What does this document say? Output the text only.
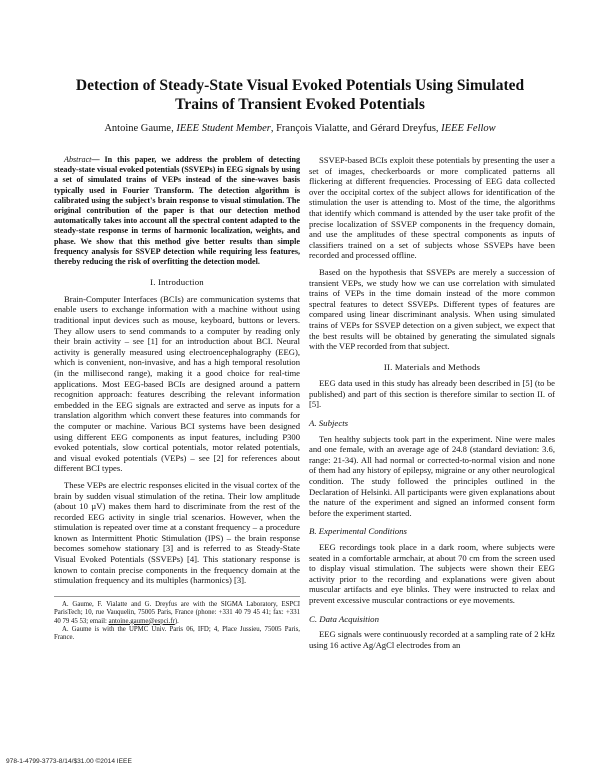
Detection of Steady-State Visual Evoked Potentials Using Simulated Trains of Transient Evoked Potentials
Antoine Gaume, IEEE Student Member, François Vialatte, and Gérard Dreyfus, IEEE Fellow
Abstract— In this paper, we address the problem of detecting steady-state visual evoked potentials (SSVEPs) in EEG signals by using a set of simulated trains of VEPs instead of the sine-waves basis typically used in Fourier Transform. The detection algorithm is calibrated using the subject's brain response to visual stimulation. The original contribution of the paper is that our detection method automatically takes into account all the spectral content adapted to the steady-state response in terms of harmonic localization, weights, and phase. We show that this method give better results than simple frequency analysis for SSVEP detection while requiring less features, thereby reducing the risk of overfitting the detection model.
I. Introduction

Brain-Computer Interfaces (BCIs) are communication systems that enable users to exchange information with a machine without using traditional input devices such as mouse, keyboard, buttons or levers. They allow users to send commands to a computer by reading only their brain activity – see [1] for an introduction about BCI. Neural activity is generally measured using electroencephalography (EEG), which is convenient, non-invasive, and has a high temporal resolution (in the millisecond range), making it a good choice for real-time applications. Most EEG-based BCIs are designed around a pattern recognition approach: features describing the relevant information embedded in the EEG signals are extracted and serve as inputs for a translation algorithm which convert these features into commands for the computer or machine. Various BCI systems have been designed using different EEG components as input features, including P300 evoked potentials, slow cortical potentials, motor related potentials, and visual evoked potentials (VEPs) – see [2] for references about different BCI types.

These VEPs are electric responses elicited in the visual cortex of the brain by sudden visual stimulation of the retina. Their low amplitude (about 10 µV) makes them hard to discriminate from the rest of the recorded EEG activity in single trial scenarios. However, when the stimulation is repeated over time at a constant frequency – a procedure known as Intermittent Photic Stimulation (IPS) – the brain response becomes somehow stationary [3] and is referred to as Steady-State Visual Evoked Potentials (SSVEPs) [4]. This stationary response is known to contain precise components in the frequency domain at the stimulation frequency and its multiples (harmonics) [3].

A. Gaume, F. Vialatte and G. Dreyfus are with the SIGMA Laboratory, ESPCI ParisTech; 10, rue Vauquelin, 75005 Paris, France (phone: +331 40 79 45 41; fax: +331 40 79 45 53; email: antoine.gaume@espci.fr).
A. Gaume is with the UPMC Univ. Paris 06, IFD; 4, Place Jussieu, 75005 Paris, France.

SSVEP-based BCIs exploit these potentials by presenting the user a set of images, checkerboards or more complicated patterns all flickering at different frequencies. Processing of EEG data collected over the occipital cortex of the subject allows for identification of the stimulation the user is attending to. Most of the time, the algorithms that identify which command is attended by the user take profit of the precise localization of SSVEP components in the frequency domain, and use the amplitudes of these spectral components as inputs of classifiers trained on a set of subjects whose SSVEPs have been recorded and processed offline.

Based on the hypothesis that SSVEPs are merely a succession of transient VEPs, we study how we can use correlation with simulated trains of VEPs in the time domain instead of the more common spectral features to detect SSVEPs. Different types of features are compared using linear discriminant analysis. When using simulated trains of VEPs for SSVEP detection on a given subject, we expect that the best results will be obtained by generating the simulated signals with the VEP recorded from that subject.

II. Materials and Methods

EEG data used in this study has already been described in [5] (to be published) and part of this section is therefore similar to section II. of [5].

A. Subjects

Ten healthy subjects took part in the experiment. Nine were males and one female, with an average age of 24.8 (standard deviation: 3.6, range: 21-34). All had normal or corrected-to-normal vision and none of them had any history of epilepsy, migraine or any other neurological condition. The study followed the principles outlined in the Declaration of Helsinki. All participants were given explanations about the nature of the experiment and signed an informed consent form before the experiment started.

B. Experimental Conditions

EEG recordings took place in a dark room, where subjects were seated in a comfortable armchair, at about 70 cm from the screen used to display visual stimulation. The subjects were shown their EEG activity prior to the recording and explanations were given about muscular artifacts and eye blinks. They were instructed to relax and prevent excessive muscular contractions or eye movements.

C. Data Acquisition

EEG signals were continuously recorded at a sampling rate of 2 kHz using 16 active Ag/AgCl electrodes from an

978-1-4799-3773-8/14/$31.00 ©2014 IEEE
